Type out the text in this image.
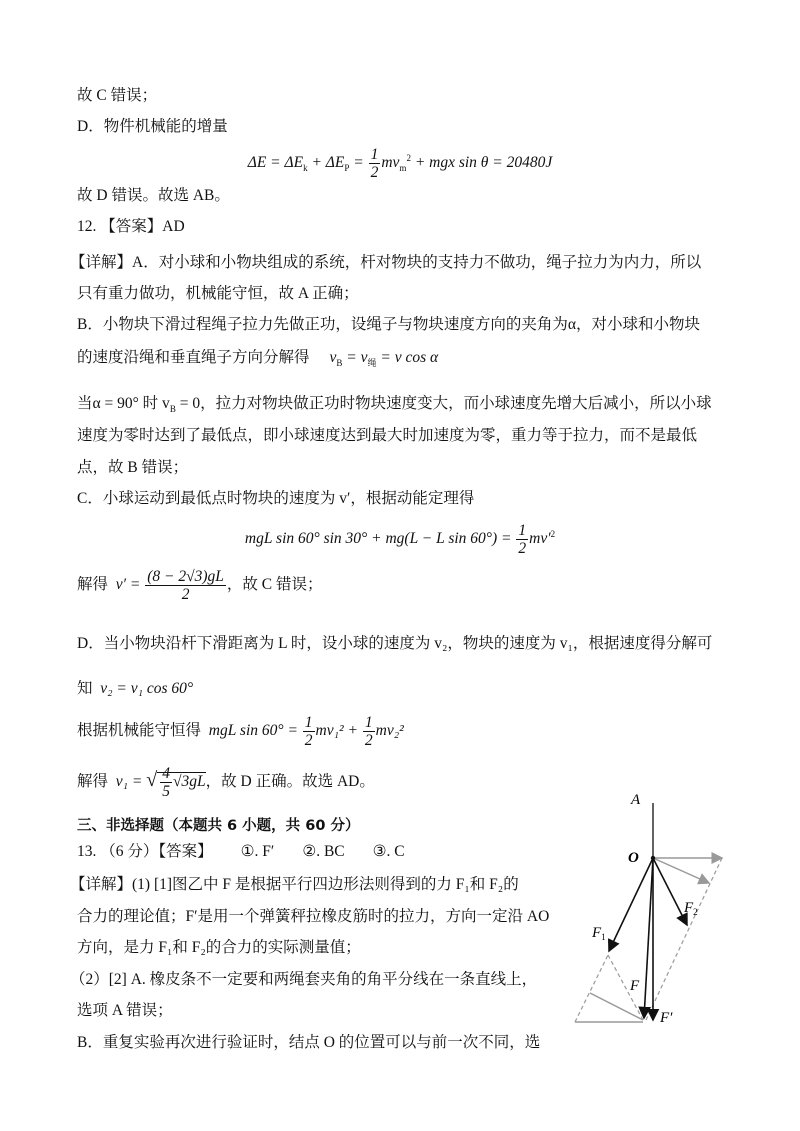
故 C 错误；
D．物件机械能的增量
$\Delta E = \Delta E_k + \Delta E_P = \frac{1}{2} mv_m^2$ + mgx sin θ = 20480J
故 D 错误。故选 AB。
12. 【答案】AD
【详解】A．对小球和小物块组成的系统，杆对物块的支持力不做功，绳子拉力为内力，所以
只有重力做功，机械能守恒，故 A 正确；
B．小物块下滑过程绳子拉力先做正功，设绳子与物块速度方向的夹角为α，对小球和小物块
的速度沿绳和垂直绳子方向分解得 $v_B = v_绳 = v$ cos α
当α = 90° 时 $v_B = 0$，拉力对物块做正功时物块速度变大，而小球速度先增大后减小，所以小球
速度为零时达到了最低点，即小球速度达到最大时加速度为零，重力等于拉力，而不是最低
点，故 B 错误；
C．小球运动到最低点时物块的速度为 v′，根据动能定理得
mgL sin 60° sin 30° + mg(L − L $\sin 60^\circ) = \frac{1}{2} mv'^2$
解得 $v' = \frac{(8 - 2√3)gL}{2}$ ，故 C 错误；
D．当小物块沿杆下滑距离为 L 时，设小球的速度为 v₂，物块的速度为 v₁，根据速度得分解可
知 v₂ = v₁ cos 60°
根据机械能守恒得 mgL $\sin 60^\circ = \frac{1}{2} mv_1^2 + \frac{1}{2} mv_2^2$
解得 v₁ = √ $\frac{4}{5} √3gL$，故 D 正确。故选 AD。
三、非选择题（本题共 6 小题，共 60 分）
13. （6 分）【答案】 ①. F′ ②. BC ③. C
【详解】(1) [1]图乙中 F 是根据平行四边形法则得到的力 F₁和 F₂的
合力的理论值；F′是用一个弹簧秤拉橡皮筋时的拉力，方向一定沿 AO
方向，是力 F₁和 F₂的合力的实际测量值；
（2）[2] A. 橡皮条不一定要和两绳套夹角的角平分线在一条直线上，
选项 A 错误；
B．重复实验再次进行验证时，结点 O 的位置可以与前一次不同，选
A
O
$F_1$
$F_2$
F
F′
